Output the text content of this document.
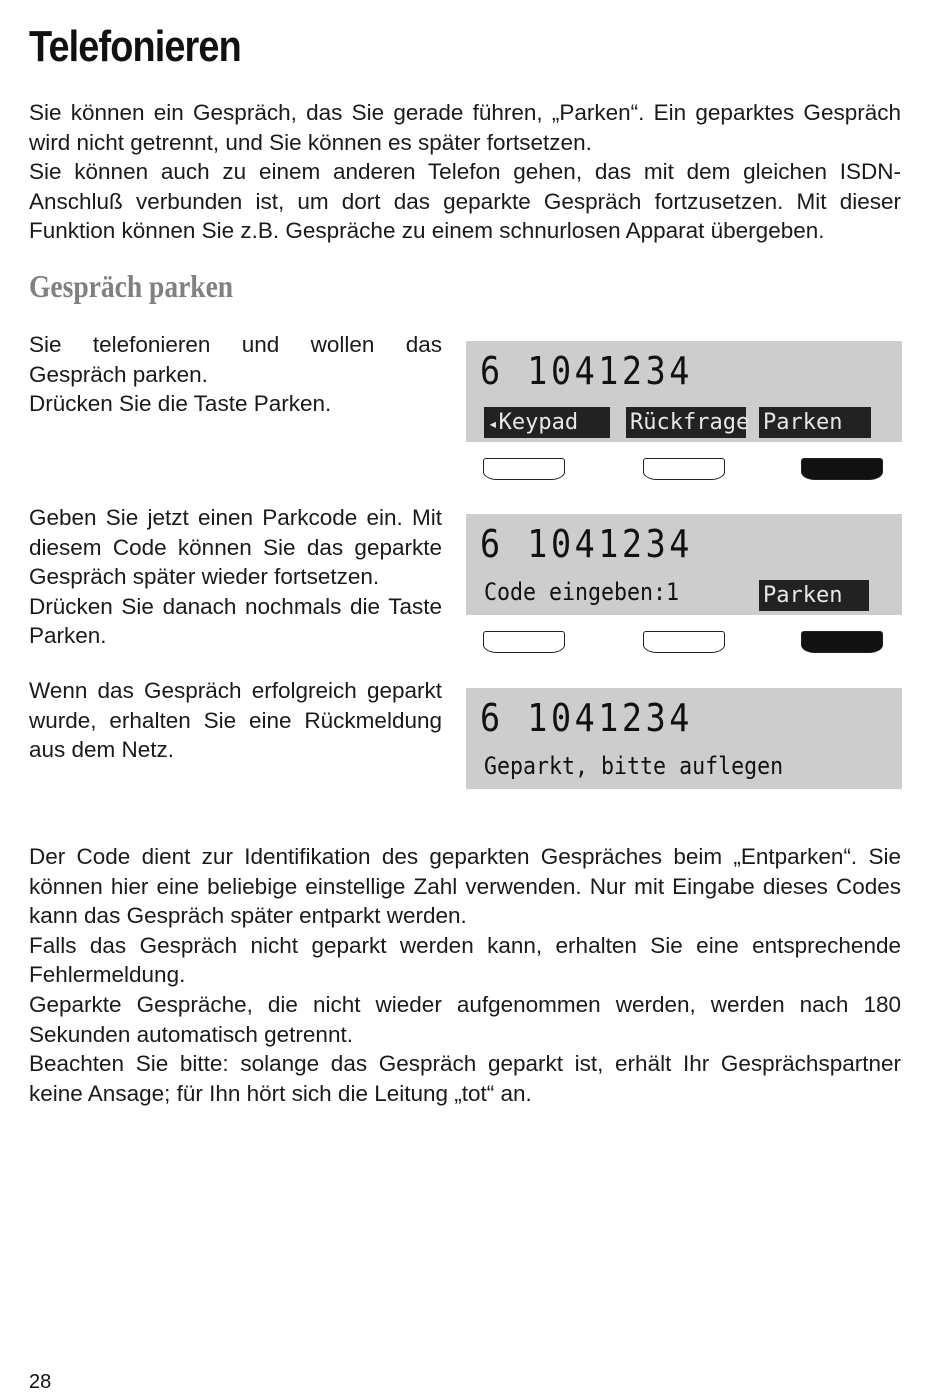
Telefonieren

Sie können ein Gespräch, das Sie gerade führen, „Parken“. Ein geparktes Gespräch wird nicht getrennt, und Sie können es später fortsetzen.

Sie können auch zu einem anderen Telefon gehen, das mit dem gleichen ISDN-Anschluß verbunden ist, um dort das geparkte Gespräch fortzusetzen. Mit dieser Funktion können Sie z.B. Gespräche zu einem schnurlosen Apparat übergeben.

Gespräch parken

Sie telefonieren und wollen das Gespräch parken.

Drücken Sie die Taste Parken.

6 1041234
◂Keypad	Rückfrage Parken

Geben Sie jetzt einen Parkcode ein. Mit diesem Code können Sie das geparkte Gespräch später wieder fortsetzen.

Drücken Sie danach nochmals die Taste Parken.

6 1041234
Code eingeben:1	Parken

Wenn das Gespräch erfolgreich geparkt wurde, erhalten Sie eine Rückmeldung aus dem Netz.

6 1041234
Geparkt, bitte auflegen

Der Code dient zur Identifikation des geparkten Gespräches beim „Entparken“. Sie können hier eine beliebige einstellige Zahl verwenden. Nur mit Eingabe dieses Codes kann das Gespräch später entparkt werden.

Falls das Gespräch nicht geparkt werden kann, erhalten Sie eine entsprechende Fehlermeldung.

Geparkte Gespräche, die nicht wieder aufgenommen werden, werden nach 180 Sekunden automatisch getrennt.

Beachten Sie bitte: solange das Gespräch geparkt ist, erhält Ihr Gesprächspartner keine Ansage; für Ihn hört sich die Leitung „tot“ an.

28
